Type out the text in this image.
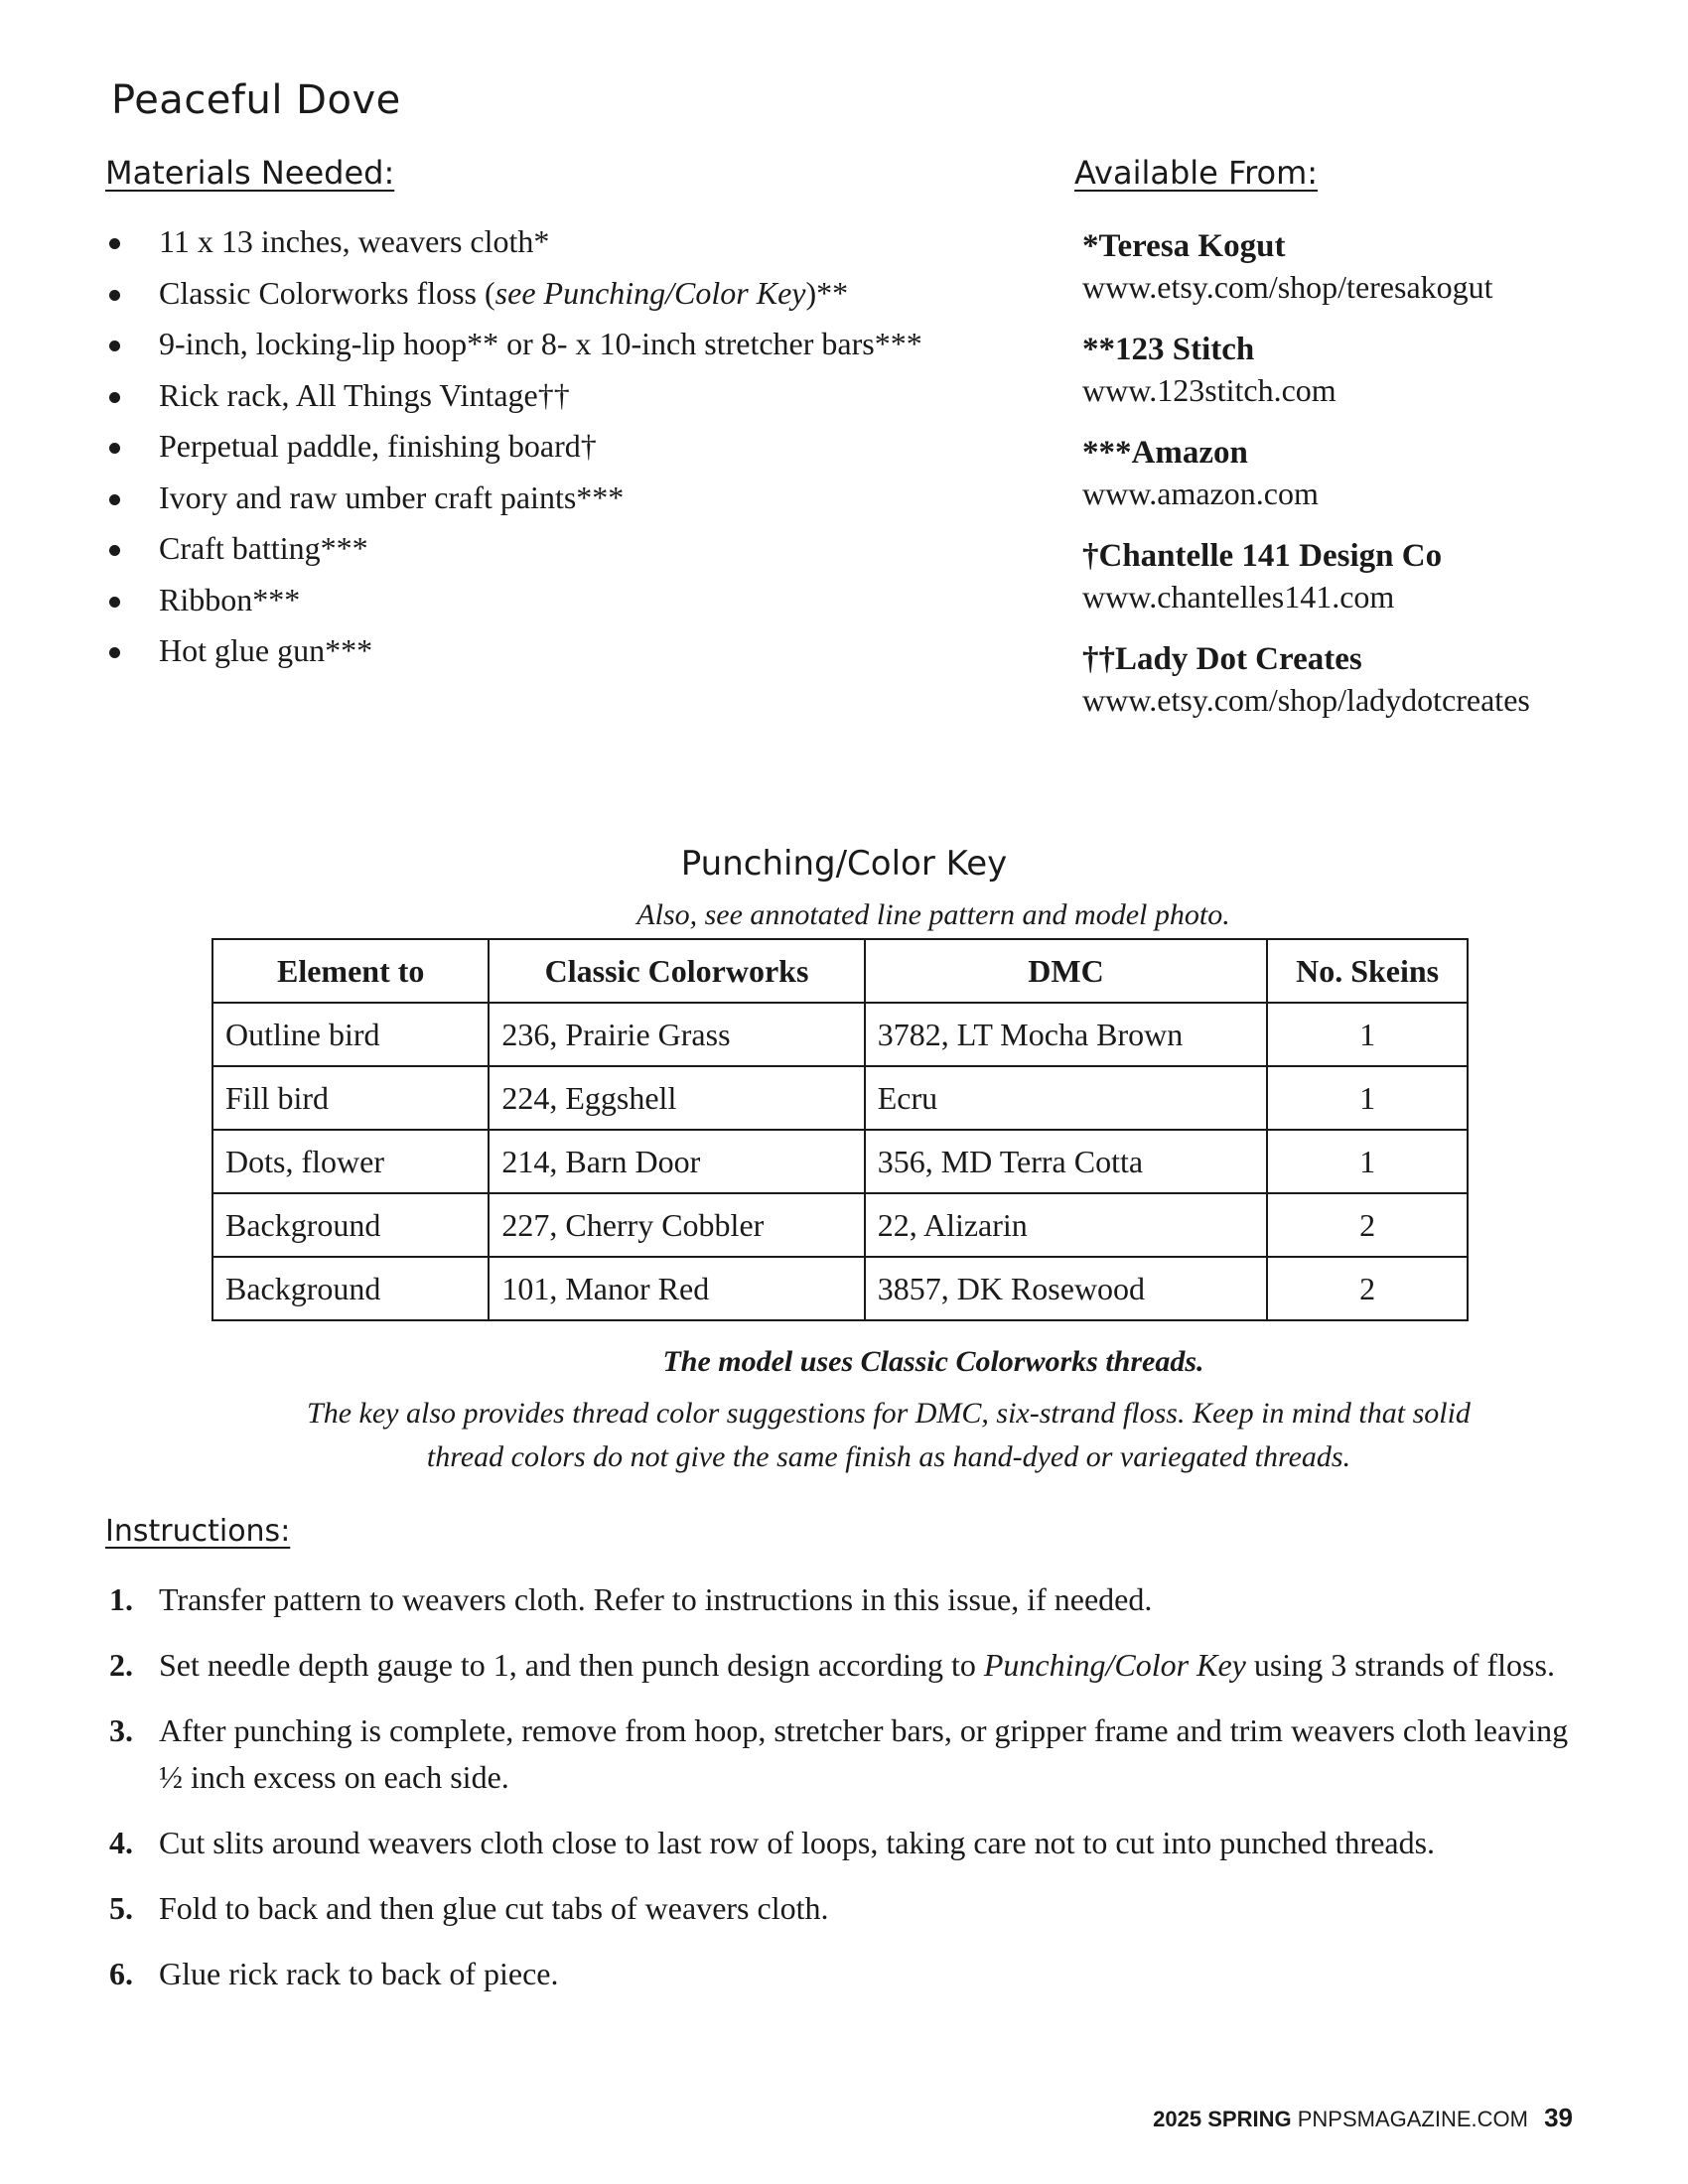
Peaceful Dove
Materials Needed:
11 x 13 inches, weavers cloth*
Classic Colorworks floss (see Punching/Color Key)**
9-inch, locking-lip hoop** or 8- x 10-inch stretcher bars***
Rick rack, All Things Vintage††
Perpetual paddle, finishing board†
Ivory and raw umber craft paints***
Craft batting***
Ribbon***
Hot glue gun***
Available From:
*Teresa Kogut
www.etsy.com/shop/teresakogut
**123 Stitch
www.123stitch.com
***Amazon
www.amazon.com
†Chantelle 141 Design Co
www.chantelles141.com
††Lady Dot Creates
www.etsy.com/shop/ladydotcreates
Punching/Color Key
Also, see annotated line pattern and model photo.
Element to	Classic Colorworks	DMC	No. Skeins
Outline bird	236, Prairie Grass	3782, LT Mocha Brown	1
Fill bird	224, Eggshell	Ecru	1
Dots, flower	214, Barn Door	356, MD Terra Cotta	1
Background	227, Cherry Cobbler	22, Alizarin	2
Background	101, Manor Red	3857, DK Rosewood	2
The model uses Classic Colorworks threads.
The key also provides thread color suggestions for DMC, six-strand floss. Keep in mind that solid
thread colors do not give the same finish as hand-dyed or variegated threads.
Instructions:
1. Transfer pattern to weavers cloth. Refer to instructions in this issue, if needed.
2. Set needle depth gauge to 1, and then punch design according to Punching/Color Key using 3 strands of floss.
3. After punching is complete, remove from hoop, stretcher bars, or gripper frame and trim weavers cloth leaving ½ inch excess on each side.
4. Cut slits around weavers cloth close to last row of loops, taking care not to cut into punched threads.
5. Fold to back and then glue cut tabs of weavers cloth.
6. Glue rick rack to back of piece.
2025 SPRING PNPSMAGAZINE.COM 39
